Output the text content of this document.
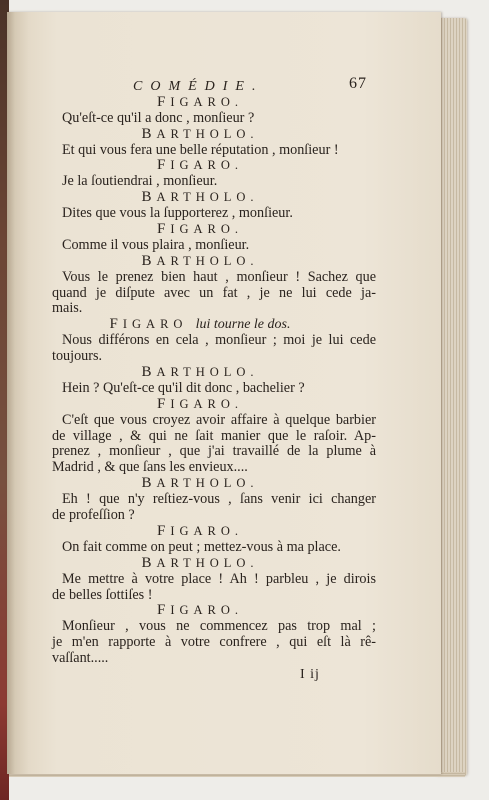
COMÉDIE.	67
FIGARO.
Qu'eſt-ce qu'il a donc , monſieur ?
BARTHOLO.
Et qui vous fera une belle réputation , monſieur !
FIGARO.
Je la ſoutiendrai , monſieur.
BARTHOLO.
Dites que vous la ſupporterez , monſieur.
FIGARO.
Comme il vous plaira , monſieur.
BARTHOLO.
Vous le prenez bien haut , monſieur ! Sachez que
quand je diſpute avec un fat , je ne lui cede ja-
mais.
FIGARO lui tourne le dos.
Nous différons en cela , monſieur ; moi je lui cede
toujours.
BARTHOLO.
Hein ? Qu'eſt-ce qu'il dit donc , bachelier ?
FIGARO.
C'eſt que vous croyez avoir affaire à quelque barbier
de village , & qui ne ſait manier que le raſoir. Ap-
prenez , monſieur , que j'ai travaillé de la plume à
Madrid , & que ſans les envieux....
BARTHOLO.
Eh ! que n'y reſtiez-vous , ſans venir ici changer
de profeſſion ?
FIGARO.
On fait comme on peut ; mettez-vous à ma place.
BARTHOLO.
Me mettre à votre place ! Ah ! parbleu , je dirois
de belles ſottiſes !
FIGARO.
Monſieur , vous ne commencez pas trop mal ;
je m'en rapporte à votre confrere , qui eſt là rê-
vaſſant.....
I ij
